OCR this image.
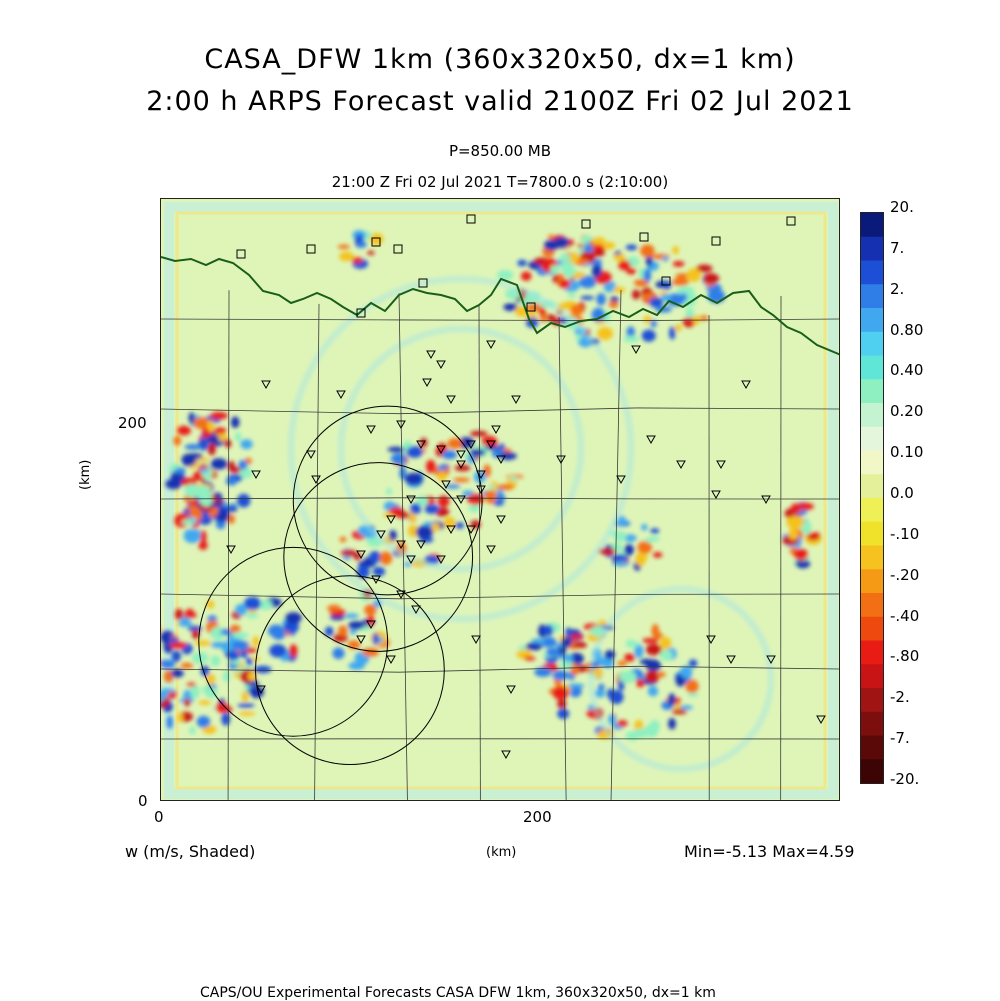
CASA_DFW 1km (360x320x50, dx=1 km)
2:00 h ARPS Forecast valid 2100Z Fri 02 Jul 2021
P=850.00 MB
21:00 Z Fri 02 Jul 2021 T=7800.0 s (2:10:00)
200
0
(km)
0	200
(km)
20.
7.
2.
0.80
0.40
0.20
0.10
0.0
-.10
-.20
-.40
-.80
-2.
-7.
-20.
w (m/s, Shaded)	Min=-5.13 Max=4.59
CAPS/OU Experimental Forecasts CASA DFW 1km, 360x320x50, dx=1 km
